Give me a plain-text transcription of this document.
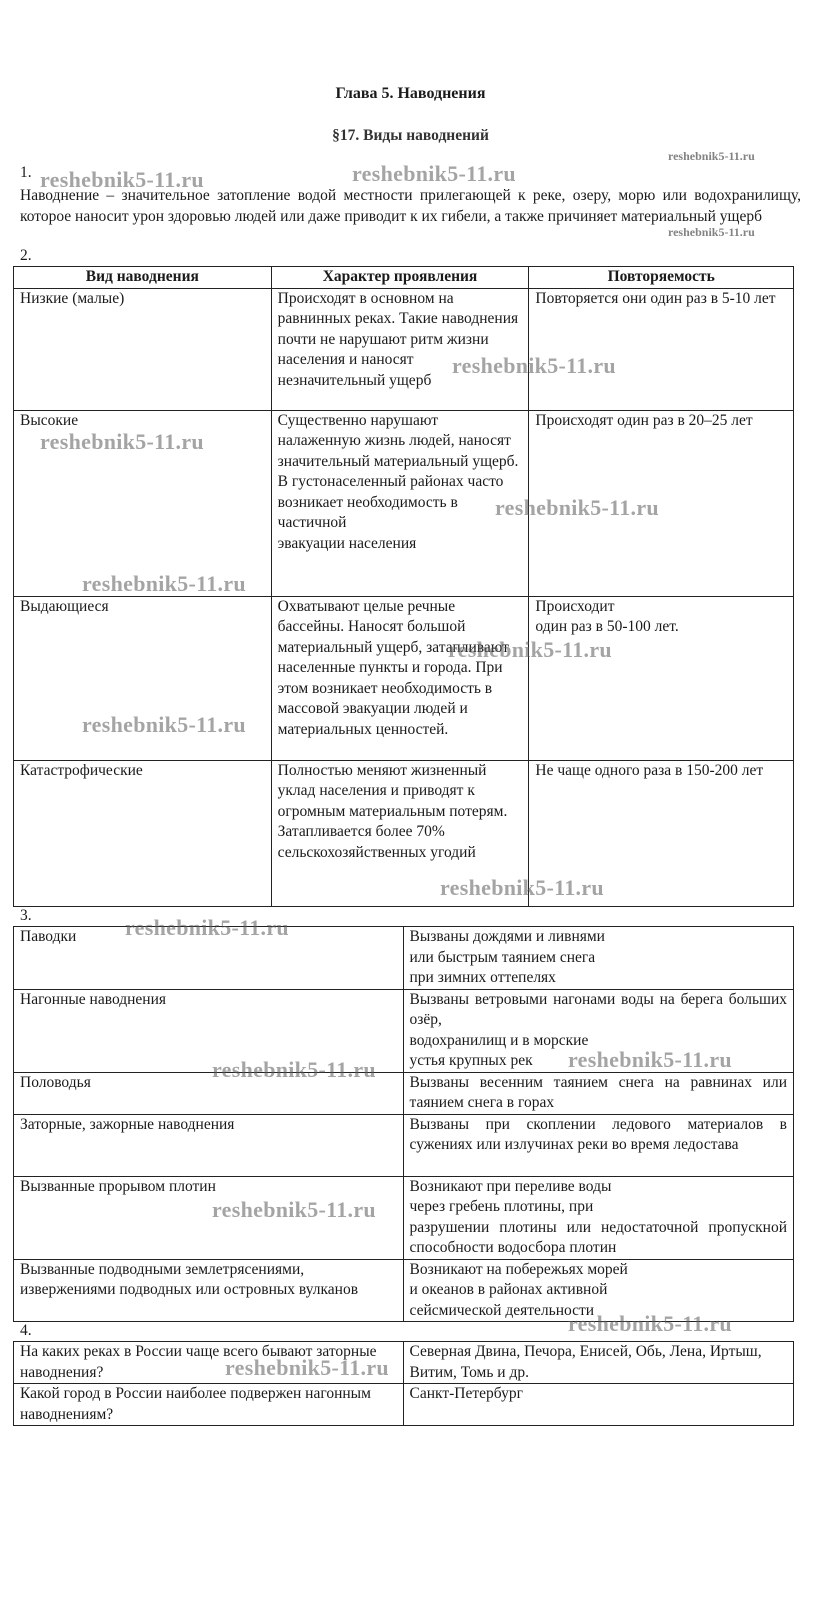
Глава 5. Наводнения
§17. Виды наводнений
1.
Наводнение – значительное затопление водой местности прилегающей к реке, озеру, морю или водохранилищу, которое наносит урон здоровью людей или даже приводит к их гибели, а также причиняет материальный ущерб
2.
Вид наводнения	Характер проявления	Повторяемость
Низкие (малые)	Происходят в основном на равнинных реках. Такие наводнения почти не нарушают ритм жизни населения и наносят незначительный ущерб	Повторяется они один раз в 5-10 лет
Высокие	Существенно нарушают налаженную жизнь людей, наносят значительный материальный ущерб.
В густонаселенный районах часто
возникает необходимость в частичной
эвакуации населения	Происходят один раз в 20–25 лет
Выдающиеся	Охватывают целые речные бассейны. Наносят большой материальный ущерб, затапливают населенные пункты и города. При этом возникает необходимость в массовой эвакуации людей и материальных ценностей.	Происходит
один раз в 50-100 лет.
Катастрофические	Полностью меняют жизненный уклад населения и приводят к огромным материальным потерям. Затапливается более 70% сельскохозяйственных угодий	Не чаще одного раза в 150-200 лет
3.
Паводки	Вызваны дождями и ливнями
или быстрым таянием снега
при зимних оттепелях
Нагонные наводнения	Вызваны ветровыми нагонами воды на берега больших озёр,
водохранилищ и в морские
устья крупных рек
Половодья	Вызваны весенним таянием снега на равнинах или таянием снега в горах
Заторные, зажорные наводнения	Вызваны при скоплении ледового материалов в сужениях или излучинах реки во время ледостава
Вызванные прорывом плотин	Возникают при переливе воды
через гребень плотины, при
разрушении плотины или недостаточной пропускной способности водосбора плотин
Вызванные подводными землетрясениями, извержениями подводных или островных вулканов	Возникают на побережьях морей
и океанов в районах активной
сейсмической деятельности
4.
На каких реках в России чаще всего бывают заторные наводнения?	Северная Двина, Печора, Енисей, Обь, Лена, Иртыш, Витим, Томь и др.
Какой город в России наиболее подвержен нагонным наводнениям?	Санкт-Петербург
reshebnik5-11.ru
reshebnik5-11.ru
reshebnik5-11.ru	reshebnik5-11.ru
reshebnik5-11.ru
reshebnik5-11.ru
reshebnik5-11.ru
reshebnik5-11.ru
reshebnik5-11.ru
reshebnik5-11.ru
reshebnik5-11.ru
reshebnik5-11.ru
reshebnik5-11.ru
reshebnik5-11.ru
reshebnik5-11.ru
reshebnik5-11.ru
reshebnik5-11.ru
